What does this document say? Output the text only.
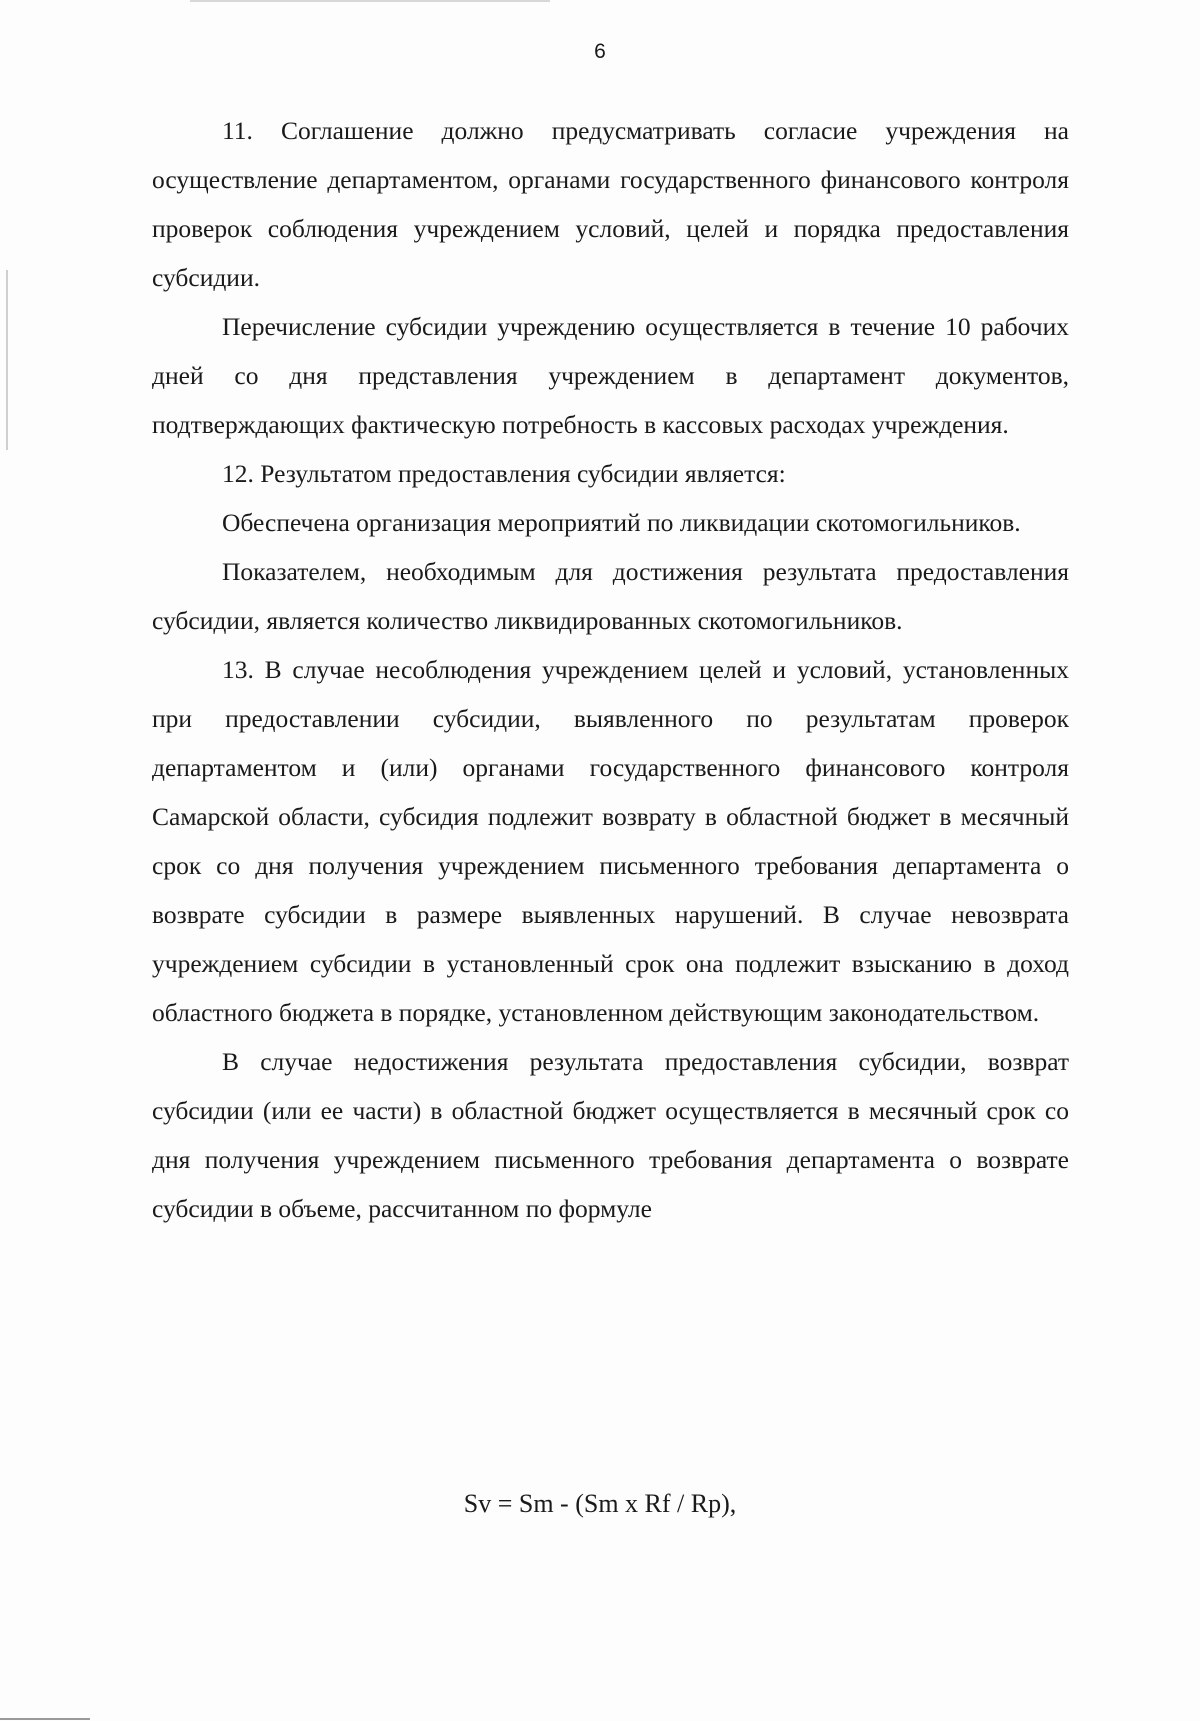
6

11. Соглашение должно предусматривать согласие учреждения на осуществление департаментом, органами государственного финансового контроля проверок соблюдения учреждением условий, целей и порядка предоставления субсидии.

Перечисление субсидии учреждению осуществляется в течение 10 рабочих дней со дня представления учреждением в департамент документов, подтверждающих фактическую потребность в кассовых расходах учреждения.

12. Результатом предоставления субсидии является:

Обеспечена организация мероприятий по ликвидации скотомогильников.

Показателем, необходимым для достижения результата предоставления субсидии, является количество ликвидированных скотомогильников.

13. В случае несоблюдения учреждением целей и условий, установленных при предоставлении субсидии, выявленного по результатам проверок департаментом и (или) органами государственного финансового контроля Самарской области, субсидия подлежит возврату в областной бюджет в месячный срок со дня получения учреждением письменного требования департамента о возврате субсидии в размере выявленных нарушений. В случае невозврата учреждением субсидии в установленный срок она подлежит взысканию в доход областного бюджета в порядке, установленном действующим законодательством.

В случае недостижения результата предоставления субсидии, возврат субсидии (или ее части) в областной бюджет осуществляется в месячный срок со дня получения учреждением письменного требования департамента о возврате субсидии в объеме, рассчитанном по формуле

Sv = Sm - (Sm x Rf / Rp),
